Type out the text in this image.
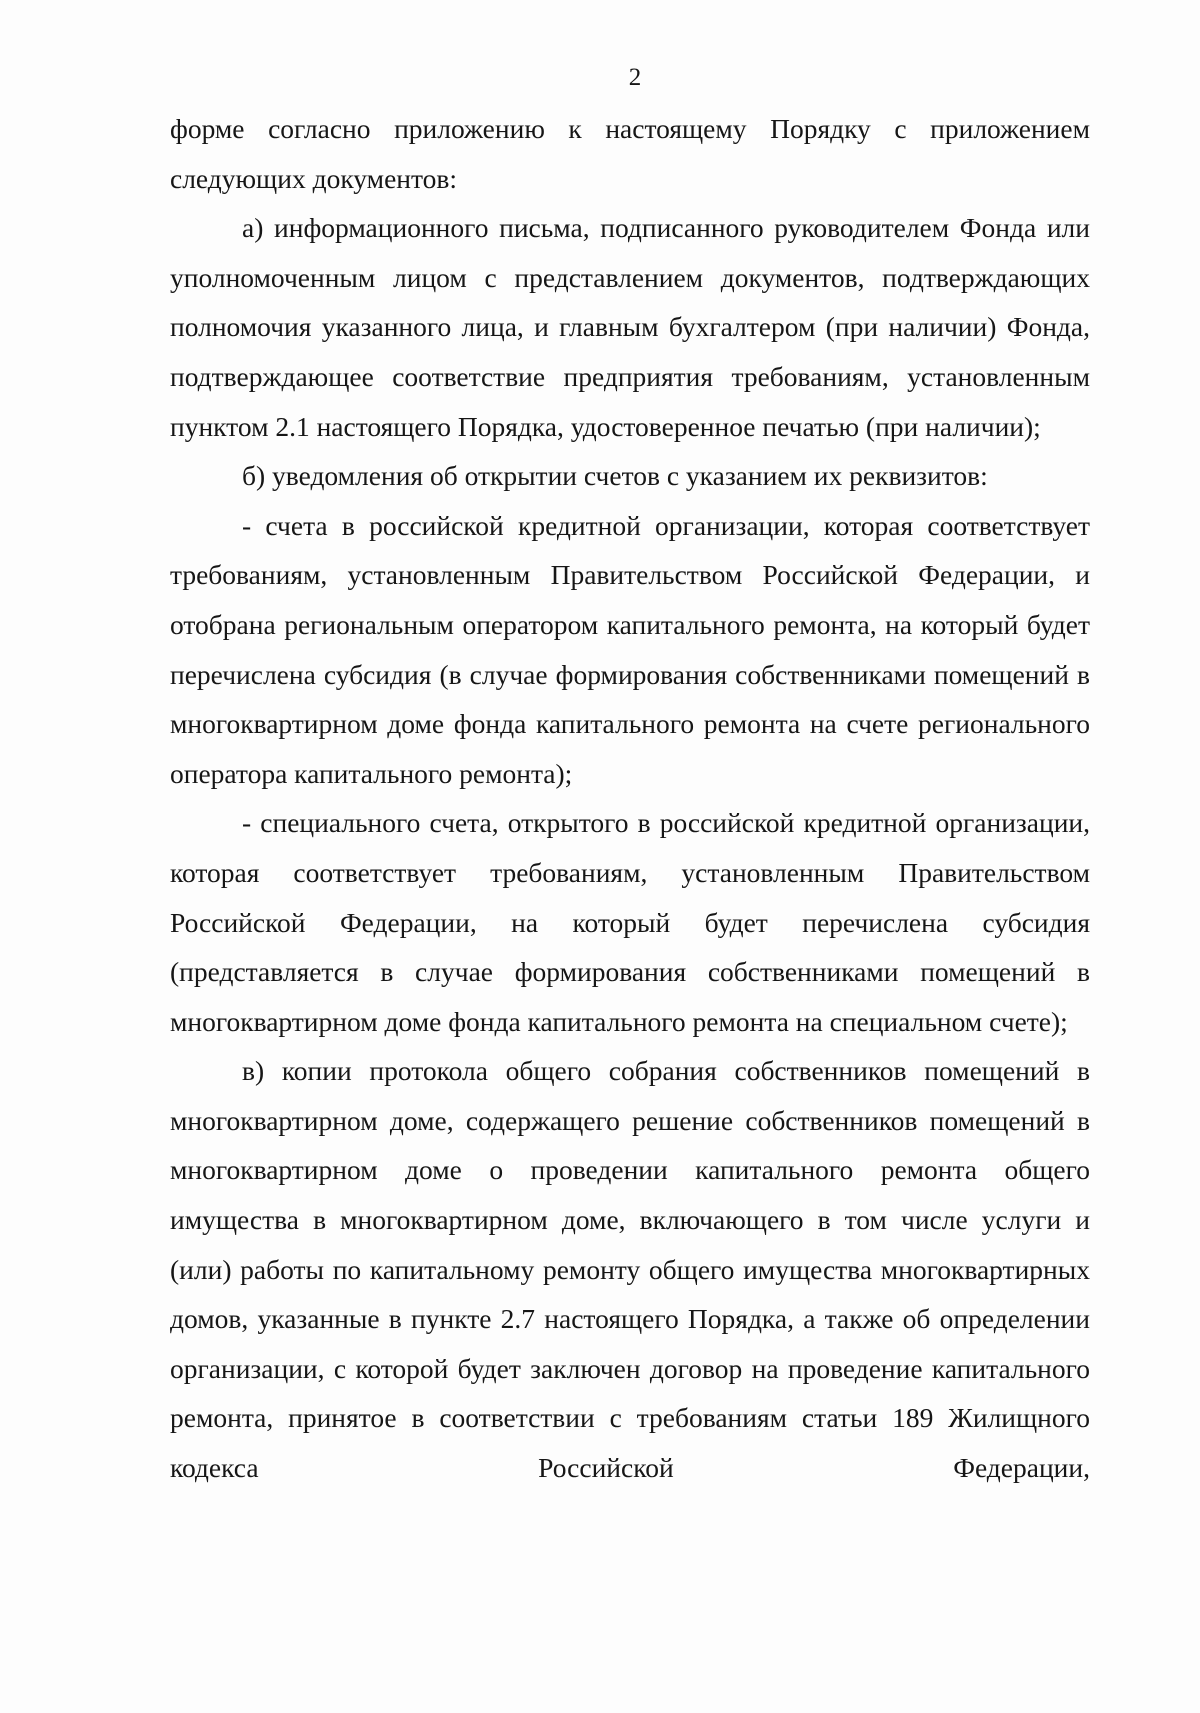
2

форме согласно приложению к настоящему Порядку с приложением следующих документов:

а) информационного письма, подписанного руководителем Фонда или уполномоченным лицом с представлением документов, подтверждающих полномочия указанного лица, и главным бухгалтером (при наличии) Фонда, подтверждающее соответствие предприятия требованиям, установленным пунктом 2.1 настоящего Порядка, удостоверенное печатью (при наличии);

б) уведомления об открытии счетов с указанием их реквизитов:

- счета в российской кредитной организации, которая соответствует требованиям, установленным Правительством Российской Федерации, и отобрана региональным оператором капитального ремонта, на который будет перечислена субсидия (в случае формирования собственниками помещений в многоквартирном доме фонда капитального ремонта на счете регионального оператора капитального ремонта);

- специального счета, открытого в российской кредитной организации, которая соответствует требованиям, установленным Правительством Российской Федерации, на который будет перечислена субсидия (представляется в случае формирования собственниками помещений в многоквартирном доме фонда капитального ремонта на специальном счете);

в) копии протокола общего собрания собственников помещений в многоквартирном доме, содержащего решение собственников помещений в многоквартирном доме о проведении капитального ремонта общего имущества в многоквартирном доме, включающего в том числе услуги и (или) работы по капитальному ремонту общего имущества многоквартирных домов, указанные в пункте 2.7 настоящего Порядка, а также об определении организации, с которой будет заключен договор на проведение капитального ремонта, принятое в соответствии с требованиям статьи 189 Жилищного кодекса Российской Федерации,
